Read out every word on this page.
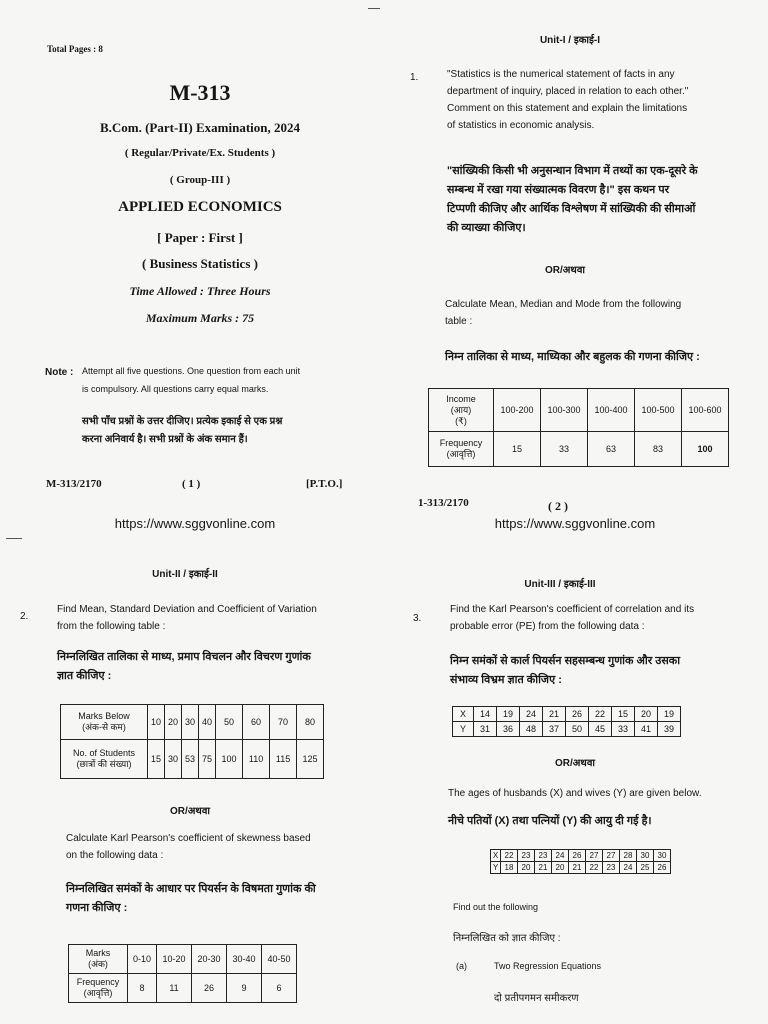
Total Pages : 8
M-313
B.Com. (Part-II) Examination, 2024
( Regular/Private/Ex. Students )
( Group-III )
APPLIED ECONOMICS
[ Paper : First ]
( Business Statistics )
Time Allowed : Three Hours
Maximum Marks : 75
Note : Attempt all five questions. One question from each unit
is compulsory. All questions carry equal marks.
सभी पाँच प्रश्नों के उत्तर दीजिए। प्रत्येक इकाई से एक प्रश्न
करना अनिवार्य है। सभी प्रश्नों के अंक समान हैं।
M-313/2170	( 1 )	[P.T.O.]
https://www.sggvonline.com
Unit-I / इकाई-I
1.	"Statistics is the numerical statement of facts in any
department of inquiry, placed in relation to each other."
Comment on this statement and explain the limitations
of statistics in economic analysis.
"सांख्यिकी किसी भी अनुसन्धान विभाग में तथ्यों का एक-दूसरे के
सम्बन्ध में रखा गया संख्यात्मक विवरण है।" इस कथन पर
टिप्पणी कीजिए और आर्थिक विश्लेषण में सांख्यिकी की सीमाओं
की व्याख्या कीजिए।
OR/अथवा
Calculate Mean, Median and Mode from the following
table :
निम्न तालिका से माध्य, माध्यिका और बहुलक की गणना कीजिए :
Income
(आय)
(₹)	100-200	100-300	100-400	100-500	100-600

Frequency
(आवृत्ति)	15	33	63	83	100
1-313/2170	( 2 )
https://www.sggvonline.com
Unit-II / इकाई-II
2.
Find Mean, Standard Deviation and Coefficient of Variation
from the following table :
निम्नलिखित तालिका से माध्य, प्रमाप विचलन और विचरण गुणांक
ज्ञात कीजिए :
Marks Below
(अंक-से कम)	10	20	30	40	50	60	70	80

No. of Students
(छात्रों की संख्या)	15	30	53	75	100	110	115	125
OR/अथवा
Calculate Karl Pearson's coefficient of skewness based
on the following data :
निम्नलिखित समंकों के आधार पर पियर्सन के विषमता गुणांक की
गणना कीजिए :
Marks
(अंक)	0-10	10-20	20-30	30-40	40-50

Frequency
(आवृत्ति)	8	11	26	9	6
Unit-III / इकाई-III
3.
Find the Karl Pearson's coefficient of correlation and its
probable error (PE) from the following data :
निम्न समंकों से कार्ल पियर्सन सहसम्बन्ध गुणांक और उसका
संभाव्य विभ्रम ज्ञात कीजिए :
X	14	19	24	21	26	22	15	20	19
Y	31	36	48	37	50	45	33	41	39
OR/अथवा
The ages of husbands (X) and wives (Y) are given below.
नीचे पतियों (X) तथा पत्नियों (Y) की आयु दी गई है।
X	22	23	23	24	26	27	27	28	30	30
Y	18	20	21	20	21	22	23	24	25	26
Find out the following
निम्नलिखित को ज्ञात कीजिए :
(a)	Two Regression Equations
दो प्रतीपगमन समीकरण
